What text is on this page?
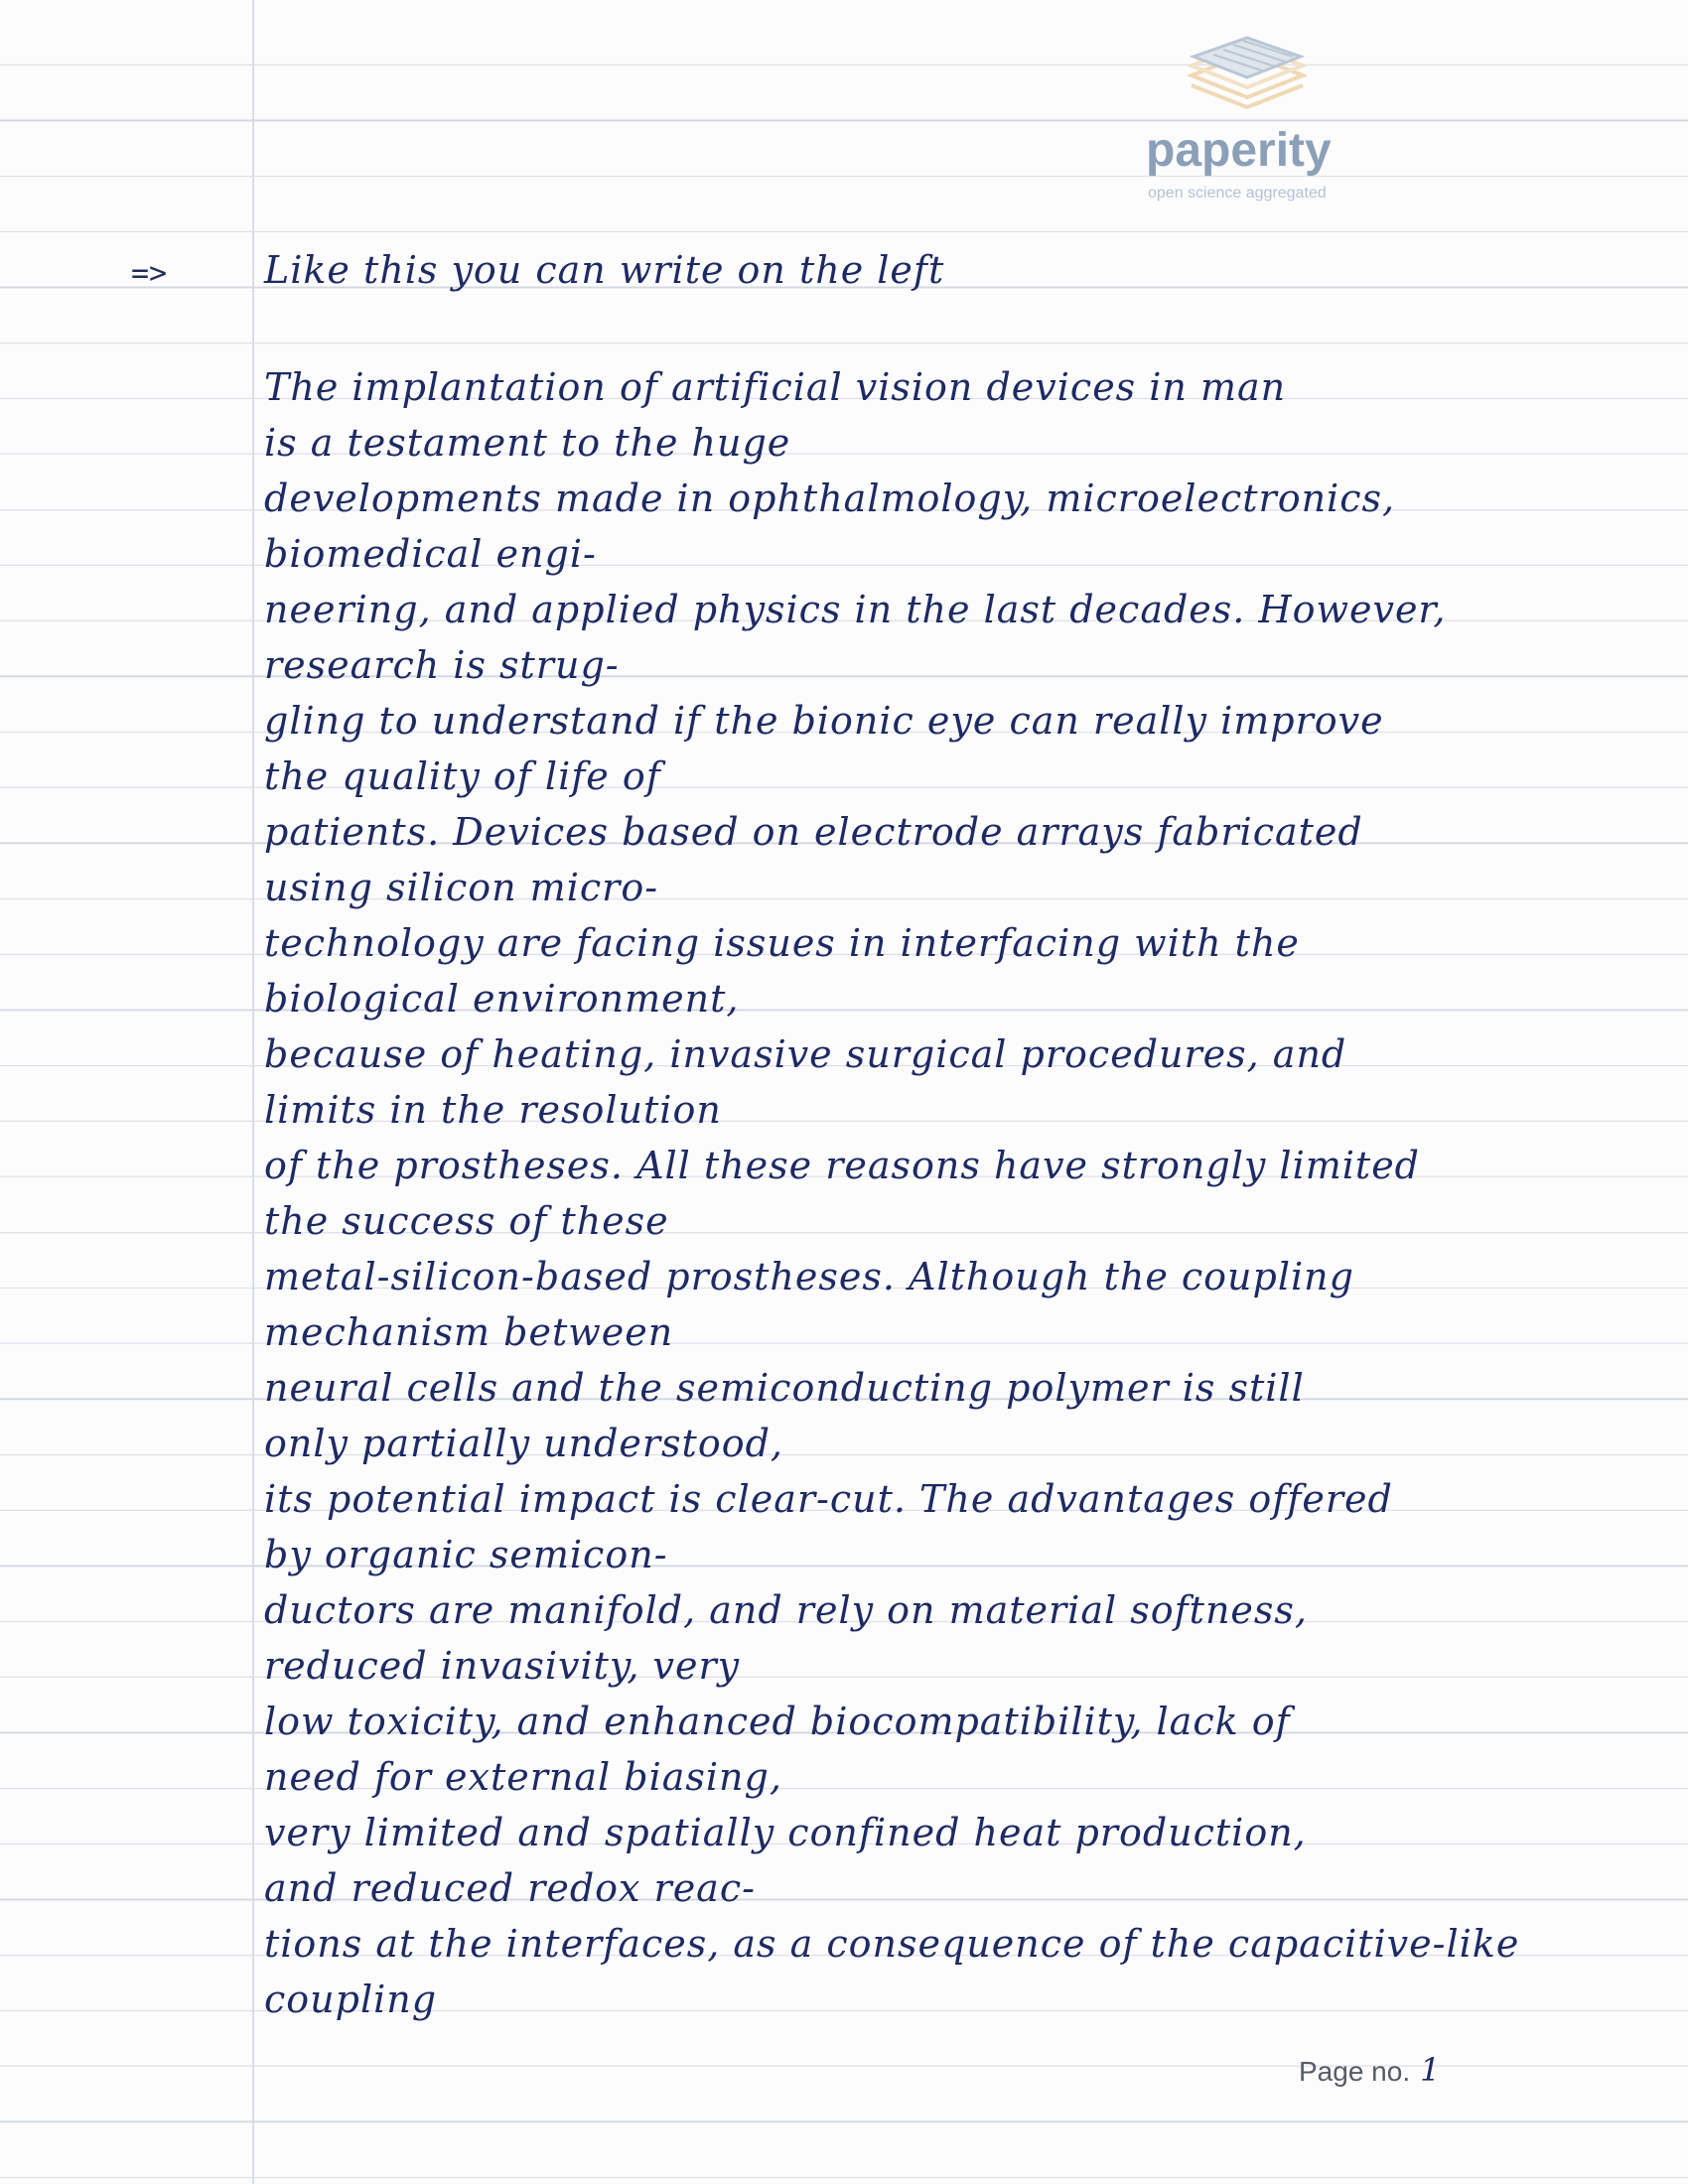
paperity
open science aggregated
=>	Like this you can write on the left
The implantation of artificial vision devices in man
is a testament to the huge
developments made in ophthalmology, microelectronics,
biomedical engi-
neering, and applied physics in the last decades. However,
research is strug-
gling to understand if the bionic eye can really improve
the quality of life of
patients. Devices based on electrode arrays fabricated
using silicon micro-
technology are facing issues in interfacing with the
biological environment,
because of heating, invasive surgical procedures, and
limits in the resolution
of the prostheses. All these reasons have strongly limited
the success of these
metal-silicon-based prostheses. Although the coupling
mechanism between
neural cells and the semiconducting polymer is still
only partially understood,
its potential impact is clear-cut. The advantages offered
by organic semicon-
ductors are manifold, and rely on material softness,
reduced invasivity, very
low toxicity, and enhanced biocompatibility, lack of
need for external biasing,
very limited and spatially confined heat production,
and reduced redox reac-
tions at the interfaces, as a consequence of the capacitive-like
coupling
Page no. 1
